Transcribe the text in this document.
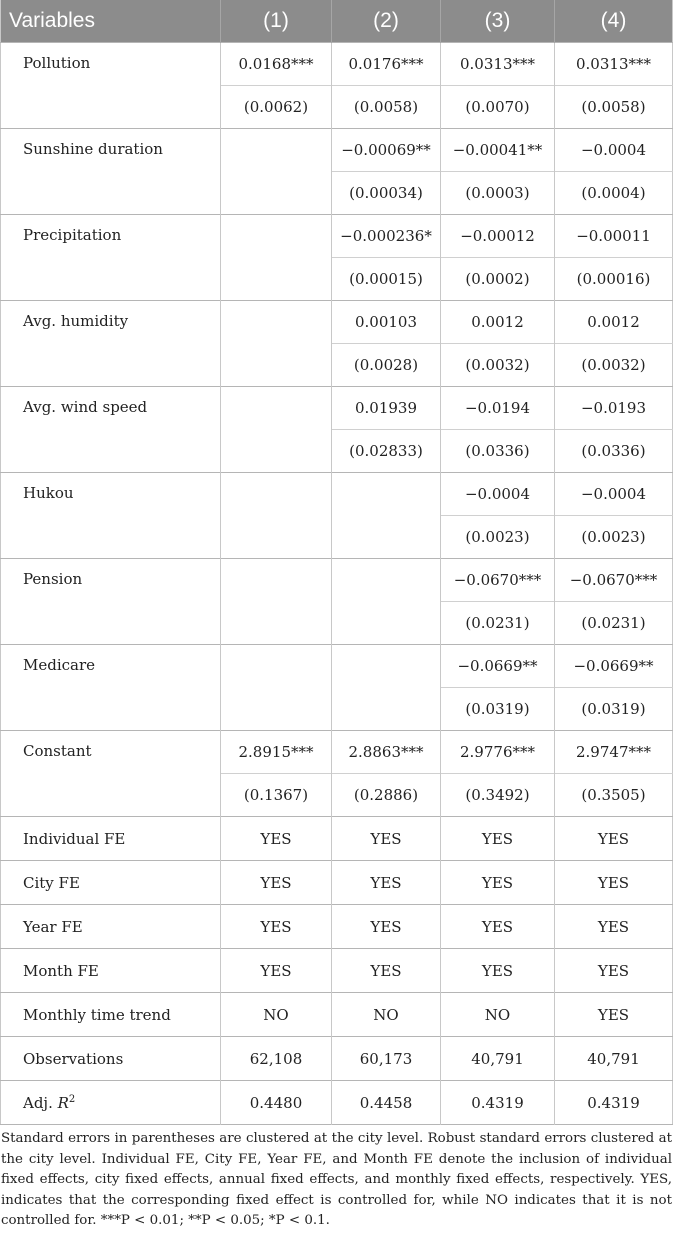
Variables	(1)	(2)	(3)	(4)
Pollution	0.0168***	0.0176***	0.0313***	0.0313***
	(0.0062)	(0.0058)	(0.0070)	(0.0058)
Sunshine duration		−0.00069**	−0.00041**	−0.0004
		(0.00034)	(0.0003)	(0.0004)
Precipitation		−0.000236*	−0.00012	−0.00011
		(0.00015)	(0.0002)	(0.00016)
Avg. humidity		0.00103	0.0012	0.0012
		(0.0028)	(0.0032)	(0.0032)
Avg. wind speed		0.01939	−0.0194	−0.0193
		(0.02833)	(0.0336)	(0.0336)
Hukou			−0.0004	−0.0004
			(0.0023)	(0.0023)
Pension			−0.0670***	−0.0670***
			(0.0231)	(0.0231)
Medicare			−0.0669**	−0.0669**
			(0.0319)	(0.0319)
Constant	2.8915***	2.8863***	2.9776***	2.9747***
	(0.1367)	(0.2886)	(0.3492)	(0.3505)
Individual FE	YES	YES	YES	YES
City FE	YES	YES	YES	YES
Year FE	YES	YES	YES	YES
Month FE	YES	YES	YES	YES
Monthly time trend	NO	NO	NO	YES
Observations	62,108	60,173	40,791	40,791
Adj. $R^2$	0.4480	0.4458	0.4319	0.4319
Standard errors in parentheses are clustered at the city level. Robust standard errors clustered at the city level. Individual FE, City FE, Year FE, and Month FE denote the inclusion of individual fixed effects, city fixed effects, annual fixed effects, and monthly fixed effects, respectively. YES, indicates that the corresponding fixed effect is controlled for, while NO indicates that it is not controlled for. ***P < 0.01; **P < 0.05; *P < 0.1.
